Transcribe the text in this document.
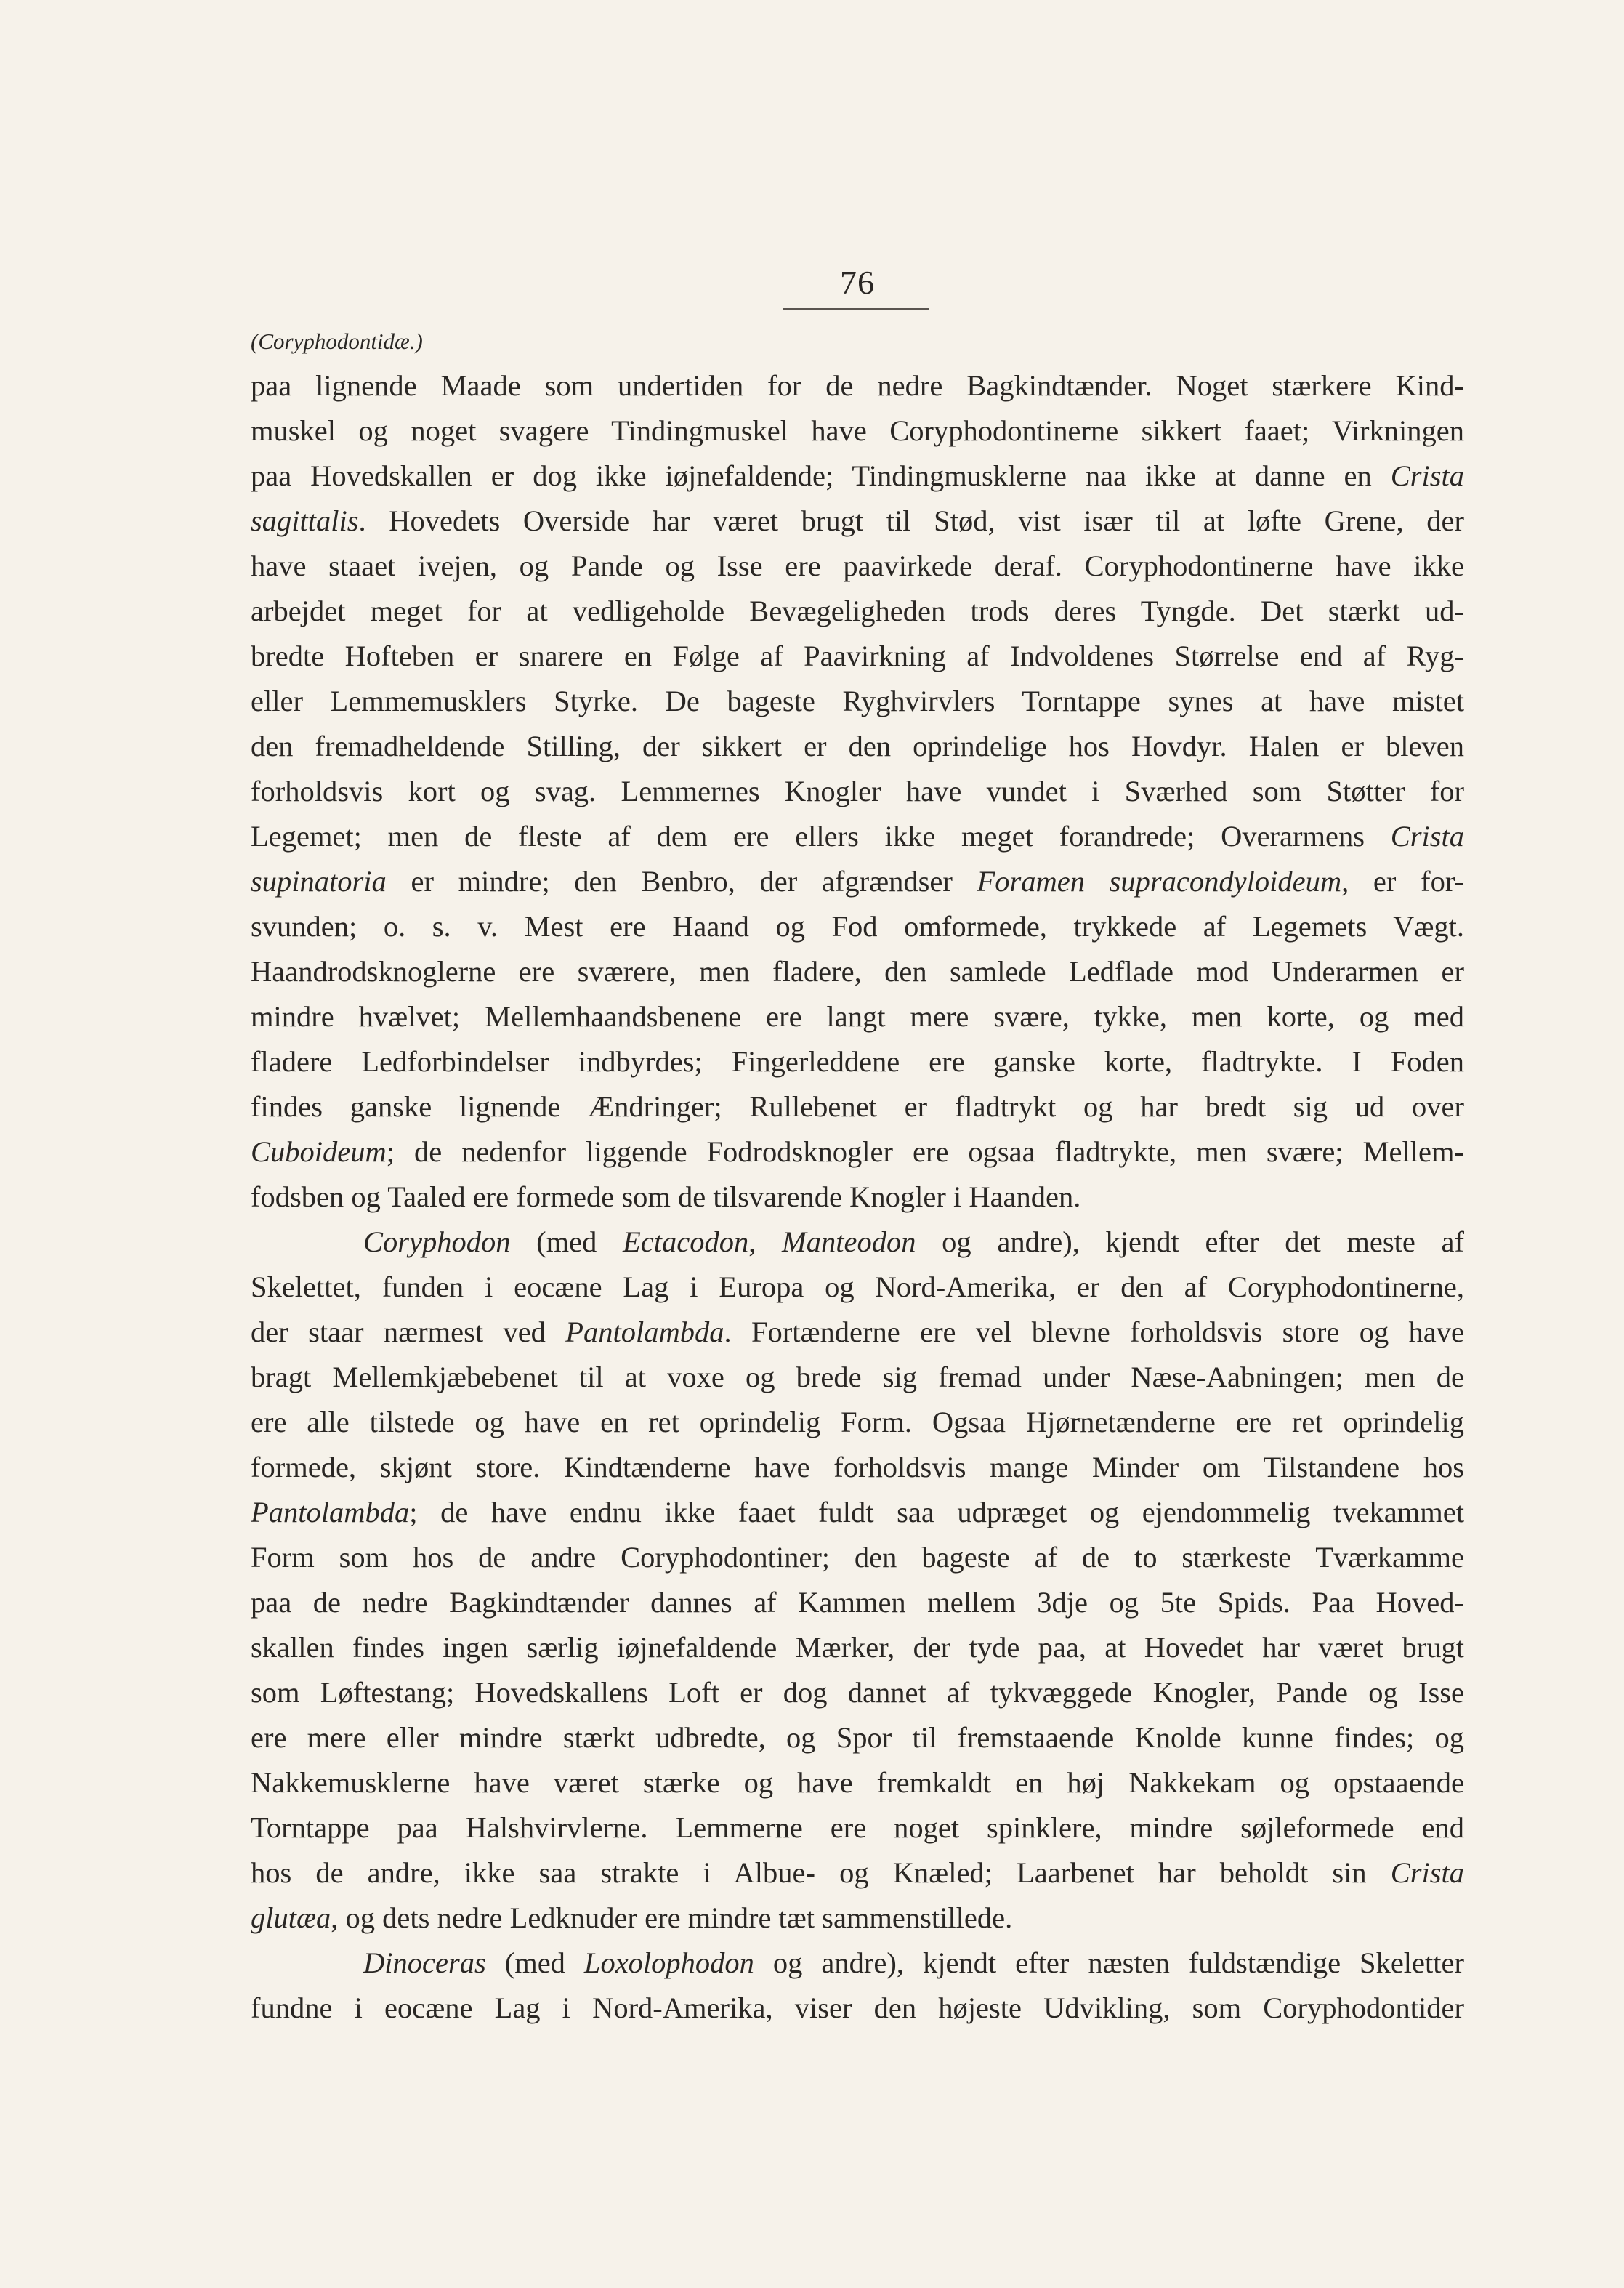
76
(Coryphodontidæ.)
paa lignende Maade som undertiden for de nedre Bagkindtænder. Noget stærkere Kind-
muskel og noget svagere Tindingmuskel have Coryphodontinerne sikkert faaet; Virkningen
paa Hovedskallen er dog ikke iøjnefaldende; Tindingmusklerne naa ikke at danne en Crista
sagittalis. Hovedets Overside har været brugt til Stød, vist især til at løfte Grene, der
have staaet ivejen, og Pande og Isse ere paavirkede deraf. Coryphodontinerne have ikke
arbejdet meget for at vedligeholde Bevægeligheden trods deres Tyngde. Det stærkt ud-
bredte Hofteben er snarere en Følge af Paavirkning af Indvoldenes Størrelse end af Ryg-
eller Lemmemusklers Styrke. De bageste Ryghvirvlers Torntappe synes at have mistet
den fremadheldende Stilling, der sikkert er den oprindelige hos Hovdyr. Halen er bleven
forholdsvis kort og svag. Lemmernes Knogler have vundet i Sværhed som Støtter for
Legemet; men de fleste af dem ere ellers ikke meget forandrede; Overarmens Crista
supinatoria er mindre; den Benbro, der afgrændser Foramen supracondyloideum, er for-
svunden; o. s. v. Mest ere Haand og Fod omformede, trykkede af Legemets Vægt.
Haandrodsknoglerne ere sværere, men fladere, den samlede Ledflade mod Underarmen er
mindre hvælvet; Mellemhaandsbenene ere langt mere svære, tykke, men korte, og med
fladere Ledforbindelser indbyrdes; Fingerleddene ere ganske korte, fladtrykte. I Foden
findes ganske lignende Ændringer; Rullebenet er fladtrykt og har bredt sig ud over
Cuboideum; de nedenfor liggende Fodrodsknogler ere ogsaa fladtrykte, men svære; Mellem-
fodsben og Taaled ere formede som de tilsvarende Knogler i Haanden.
Coryphodon (med Ectacodon, Manteodon og andre), kjendt efter det meste af
Skelettet, funden i eocæne Lag i Europa og Nord-Amerika, er den af Coryphodontinerne,
der staar nærmest ved Pantolambda. Fortænderne ere vel blevne forholdsvis store og have
bragt Mellemkjæbebenet til at voxe og brede sig fremad under Næse-Aabningen; men de
ere alle tilstede og have en ret oprindelig Form. Ogsaa Hjørnetænderne ere ret oprindelig
formede, skjønt store. Kindtænderne have forholdsvis mange Minder om Tilstandene hos
Pantolambda; de have endnu ikke faaet fuldt saa udpræget og ejendommelig tvekammet
Form som hos de andre Coryphodontiner; den bageste af de to stærkeste Tværkamme
paa de nedre Bagkindtænder dannes af Kammen mellem 3dje og 5te Spids. Paa Hoved-
skallen findes ingen særlig iøjnefaldende Mærker, der tyde paa, at Hovedet har været brugt
som Løftestang; Hovedskallens Loft er dog dannet af tykvæggede Knogler, Pande og Isse
ere mere eller mindre stærkt udbredte, og Spor til fremstaaende Knolde kunne findes; og
Nakkemusklerne have været stærke og have fremkaldt en høj Nakkekam og opstaaende
Torntappe paa Halshvirvlerne. Lemmerne ere noget spinklere, mindre søjleformede end
hos de andre, ikke saa strakte i Albue- og Knæled; Laarbenet har beholdt sin Crista
glutæa, og dets nedre Ledknuder ere mindre tæt sammenstillede.
Dinoceras (med Loxolophodon og andre), kjendt efter næsten fuldstændige Skeletter
fundne i eocæne Lag i Nord-Amerika, viser den højeste Udvikling, som Coryphodontider
